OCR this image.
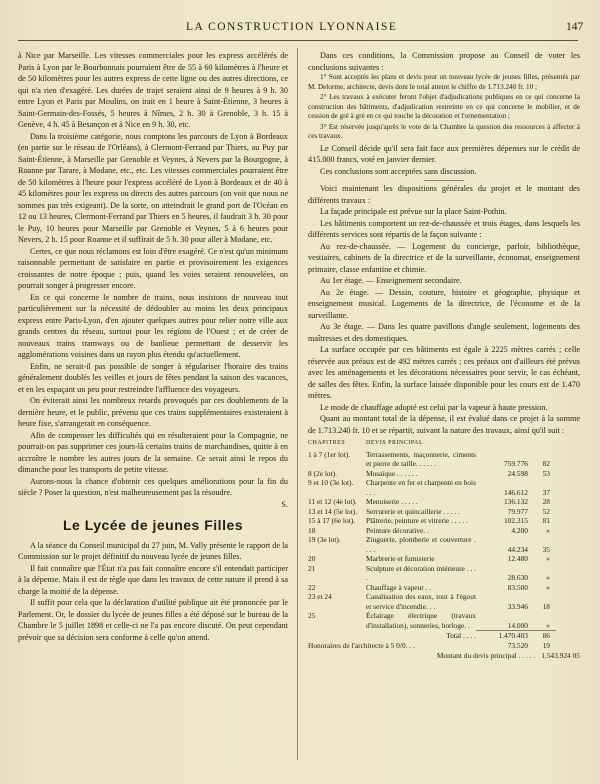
LA CONSTRUCTION LYONNAISE	147

à Nice par Marseille. Les vitesses commerciales pour les express accélérés de Paris à Lyon par le Bourbonnais pourraient être de 55 à 60 kilomètres à l'heure et de 50 kilomètres pour les autres express de cette ligne ou des autres directions, ce qui n'a rien d'exagéré. Les durées de trajet seraient ainsi de 9 heures à 9 h. 30 entre Lyon et Paris par Moulins, on irait en 1 heure à Saint-Étienne, 3 heures à Saint-Germain-des-Fossés, 5 heures à Nîmes, 2 h. 30 à Grenoble, 3 h. 15 à Genève, 4 h. 45 à Besançon et à Nice en 9 h. 30, etc.

Dans la troisième catégorie, nous comptons les parcours de Lyon à Bordeaux (en partie sur le réseau de l'Orléans), à Clermont-Ferrand par Thiers, au Puy par Saint-Étienne, à Marseille par Grenoble et Veynes, à Nevers par la Bourgogne, à Roanne par Tarare, à Modane, etc., etc. Les vitesses commerciales pourraient être de 50 kilomètres à l'heure pour l'express accéléré de Lyon à Bordeaux et de 40 à 45 kilomètres pour les express ou directs des autres parcours (on voit que nous ne sommes pas très exigeant). De la sorte, on atteindrait le grand port de l'Océan en 12 ou 13 heures, Clermont-Ferrand par Thiers en 5 heures, il faudrait 3 h. 30 pour le Puy, 10 heures pour Marseille par Grenoble et Veynes, 5 à 6 heures pour Nevers, 2 h. 15 pour Roanne et il suffirait de 5 h. 30 pour aller à Modane, etc.

Certes, ce que nous réclamons est loin d'être exagéré. Ce n'est qu'un minimum raisonnable permettant de satisfaire en partie et provisoirement les exigences croissantes de notre époque ; puis, quand les voies seraient renouvelées, on pourrait songer à progresser encore.

En ce qui concerne le nombre de trains, nous insistons de nouveau tout particulièrement sur la nécessité de dédoubler au moins les deux principaux express entre Paris-Lyon, d'en ajouter quelques autres pour relier notre ville aux grands centres du réseau, surtout pour les régions de l'Ouest ; et de créer de nouveaux trains tramways ou de banlieue permettant de desservir les agglomérations voisines dans un rayon plus étendu qu'actuellement.

Enfin, ne serait-il pas possible de songer à régulariser l'horaire des trains généralement doublés les veilles et jours de fêtes pendant la saison des vacances, et en les espaçant un peu pour restreindre l'affluence des voyageurs.

On éviterait ainsi les nombreux retards provoqués par ces doublements de la dernière heure, et le public, prévenu que ces trains supplémentaires existeraient à heure fixe, s'arrangerait en conséquence.

Afin de compenser les difficultés qui en résulteraient pour la Compagnie, ne pourrait-on pas supprimer ces jours-là certains trains de marchandises, quitte à en accroître le nombre les autres jours de la semaine. Ce serait ainsi le repos du dimanche pour les transports de petite vitesse.

Aurons-nous la chance d'obtenir ces quelques améliorations pour la fin du siècle ? Poser la question, n'est malheureusement pas la résoudre.

S.

Le Lycée de jeunes Filles

A la séance du Conseil municipal du 27 juin, M. Vally présente le rapport de la Commission sur le projet définitif du nouveau lycée de jeunes filles.

Il fait connaître que l'État n'a pas fait connaître encore s'il entendait participer à la dépense. Mais il est de règle que dans les travaux de cette nature il prend à sa charge la moitié de la dépense.

Il suffit pour cela que la déclaration d'utilité publique ait été prononcée par le Parlement. Or, le dossier du lycée de jeunes filles a été déposé sur le bureau de la Chambre le 5 juillet 1898 et celle-ci ne l'a pas encore discuté. On peut cependant prévoir que sa décision sera conforme à celle qu'on attend.

Dans ces conditions, la Commission propose au Conseil de voter les conclusions suivantes :

1° Sont acceptés les plans et devis pour un nouveau lycée de jeunes filles, présentés par M. Delorme, architecte, devis dont le total atteint le chiffre de 1.713.240 fr. 10 ;

2° Les travaux à exécuter feront l'objet d'adjudications publiques en ce qui concerne la construction des bâtiments, d'adjudication restreinte en ce qui concerne le mobilier, et de cession de gré à gré en ce qui touche la décoration et l'ornementation ;

3° Est réservée jusqu'après le vote de la Chambre la question des ressources à affecter à ces travaux.

Le Conseil décide qu'il sera fait face aux premières dépenses sur le crédit de 415.000 francs, voté en janvier dernier.

Ces conclusions sont acceptées sans discussion.

Voici maintenant les dispositions générales du projet et le montant des différents travaux :

La façade principale est prévue sur la place Saint-Pothin.

Les bâtiments comportent un rez-de-chaussée et trois étages, dans lesquels les différents services sont répartis de la façon suivante :

Au rez-de-chaussée. — Logement du concierge, parloir, bibliothèque, vestiaires, cabinets de la directrice et de la surveillante, économat, enseignement primaire, classe enfantine et chimie.

Au 1er étage. — Enseignement secondaire.

Au 2e étage. — Dessin, couture, histoire et géographie, physique et enseignement musical. Logements de la directrice, de l'économe et de la surveillante.

Au 3e étage. — Dans les quatre pavillons d'angle seulement, logements des maîtresses et des domestiques.

La surface occupée par ces bâtiments est égale à 2225 mètres carrés ; celle réservée aux préaux est de 492 mètres carrés ; ces préaux ont d'ailleurs été prévus avec les aménagements et les décorations nécessaires pour servir, le cas échéant, de salles des fêtes. Enfin, la surface laissée disponible pour les cours est de 1.470 mètres.

Le mode de chauffage adopté est celui par la vapeur à haute pression.

Quant au montant total de la dépense, il est évalué dans ce projet à la somme de 1.713.240 fr. 10 et se répartit, suivant la nature des travaux, ainsi qu'il suit :

CHAPITRES	DEVIS PRINCIPAL
1 à 7 (1er lot).	Terrassements, maçonnerie, ciments et pierre de taille. . . . . .	759.776	82
8 (2e lot).	Mosaïque . . . . . .	24.598	53
9 et 10 (3e lot).	Charpente en fer et charpente en bois . . .	146.612	37
11 et 12 (4e lot).	Menuiserie . . . . .	136.132	28
13 et 14 (5e lot).	Serrurerie et quincaillerie . . . . .	79.977	52
15 à 17 (6e lot).	Plâtrerie, peinture et vitrerie . . . . .	102.315	81
18	Peinture décorative. .	4.200	»
19 (3e lot).	Zinguerie, plomberie et couverture . . . .	44.234	35
20	Marbrerie et fumisterie	12.480	»
21	Sculpture et décoration intérieure . . . .	28.630	»
22	Chauffage à vapeur . .	83.500	»
23 et 24	Canalisation des eaux, tout à l'égout et service d'incendie. . .	33.946	18
25	Éclairage électrique (travaux d'installation), sonneries, horloge. .	14.000	»
Total . . . .	1.470.403	86
Honoraires de l'architecte à 5 0/0. . .	73.520	19
Montant du devis principal . . . . . 1.543.924 05
